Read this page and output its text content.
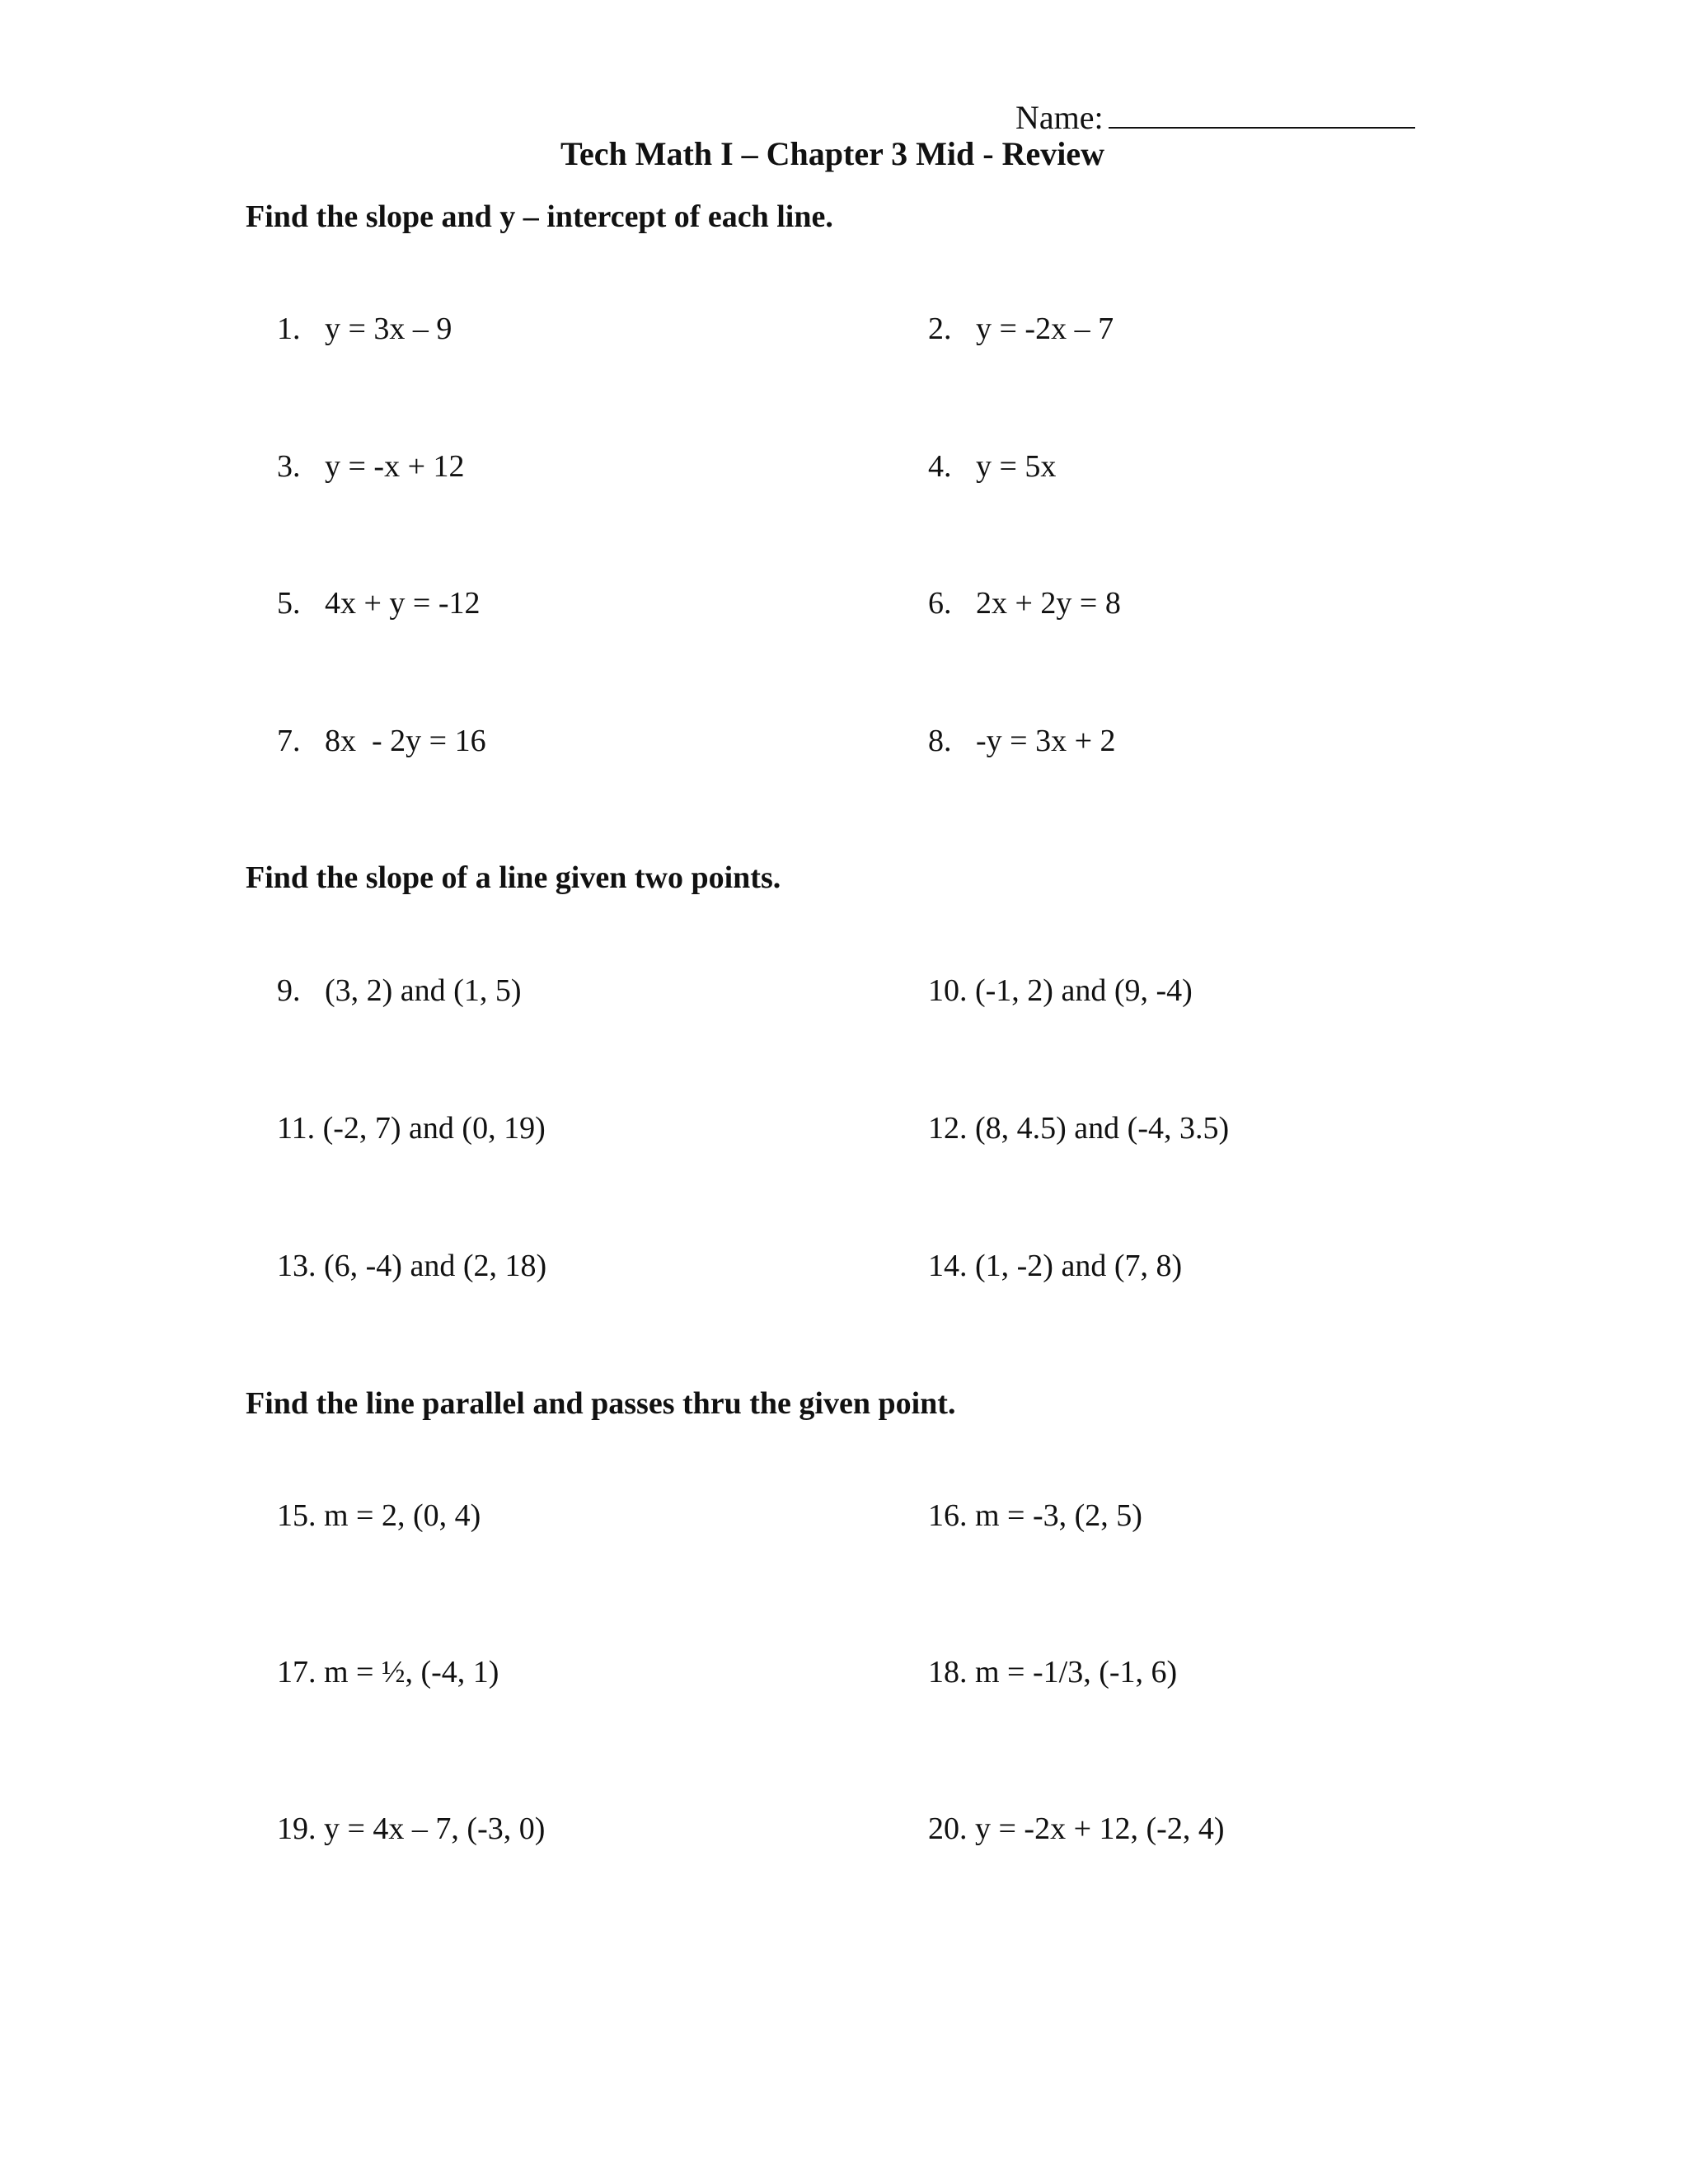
Name:
Tech Math I – Chapter 3 Mid - Review
Find the slope and y – intercept of each line.

1. y = 3x – 9
	2. y = -2x – 7

3. y = -x + 12
	4. y = 5x

5. 4x + y = -12
	6. 2x + 2y = 8

7. 8x  - 2y = 16
	8. -y = 3x + 2

Find the slope of a line given two points.

9. (3, 2) and (1, 5)
	10. (-1, 2) and (9, -4)

11. (-2, 7) and (0, 19)
	12. (8, 4.5) and (-4, 3.5)

13. (6, -4) and (2, 18)
	14. (1, -2) and (7, 8)

Find the line parallel and passes thru the given point.

15. m = 2, (0, 4)
	16. m = -3, (2, 5)

17. m = ½, (-4, 1)
	18. m = -1/3, (-1, 6)

19. y = 4x – 7, (-3, 0)
	20. y = -2x + 12, (-2, 4)
